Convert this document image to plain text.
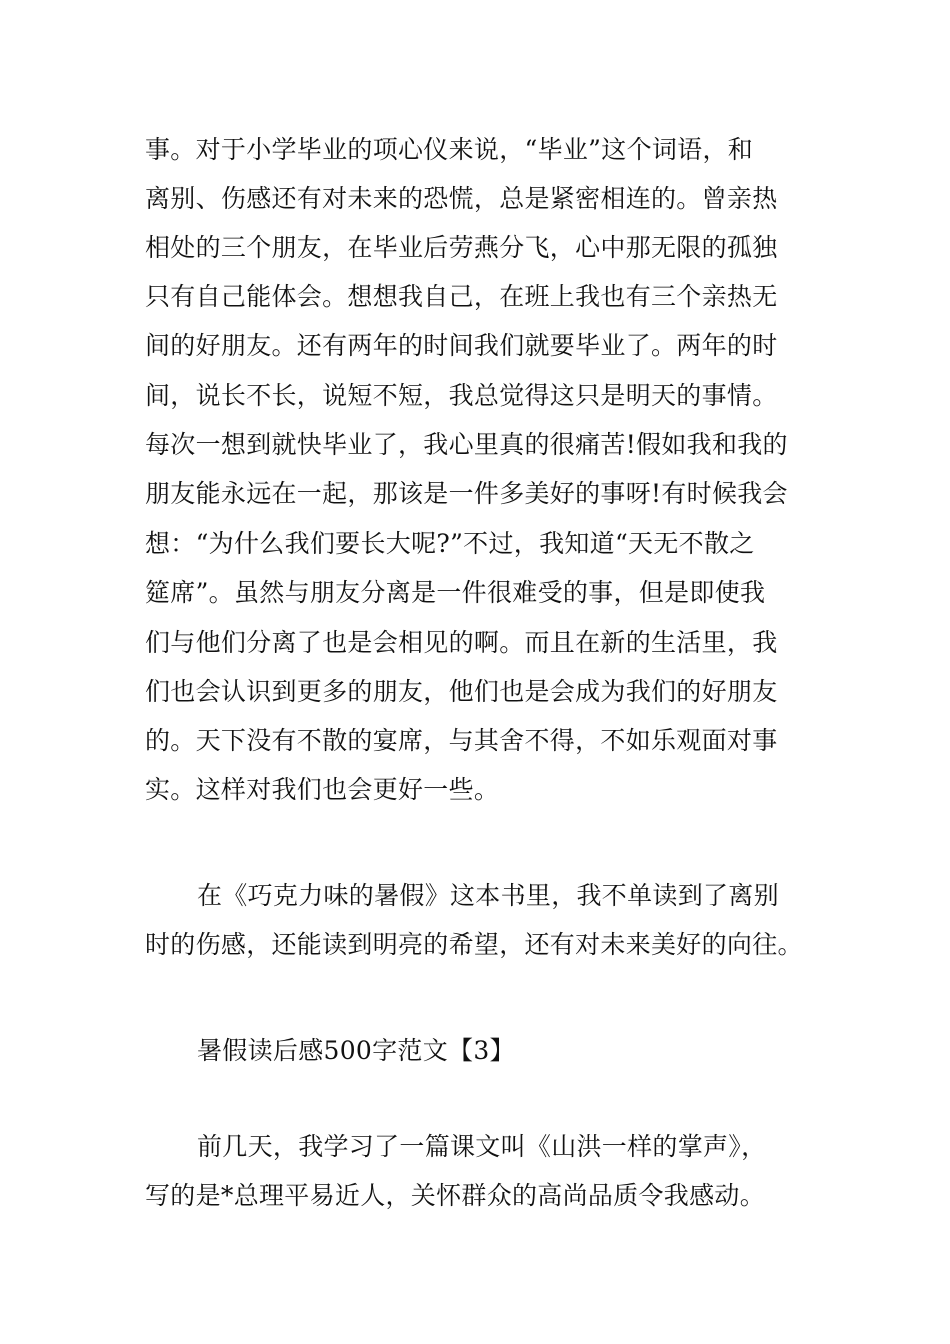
事。对于小学毕业的项心仪来说，“毕业”这个词语，和
离别、伤感还有对未来的恐慌，总是紧密相连的。曾亲热
相处的三个朋友，在毕业后劳燕分飞，心中那无限的孤独
只有自己能体会。想想我自己，在班上我也有三个亲热无
间的好朋友。还有两年的时间我们就要毕业了。两年的时
间，说长不长，说短不短，我总觉得这只是明天的事情。
每次一想到就快毕业了，我心里真的很痛苦!假如我和我的
朋友能永远在一起，那该是一件多美好的事呀!有时候我会
想：“为什么我们要长大呢?”不过，我知道“天无不散之
筵席”。虽然与朋友分离是一件很难受的事，但是即使我
们与他们分离了也是会相见的啊。而且在新的生活里，我
们也会认识到更多的朋友，他们也是会成为我们的好朋友
的。天下没有不散的宴席，与其舍不得，不如乐观面对事
实。这样对我们也会更好一些。
在《巧克力味的暑假》这本书里，我不单读到了离别
时的伤感，还能读到明亮的希望，还有对未来美好的向往。
暑假读后感500字范文【3】
前几天，我学习了一篇课文叫《山洪一样的掌声》，
写的是*总理平易近人，关怀群众的高尚品质令我感动。
